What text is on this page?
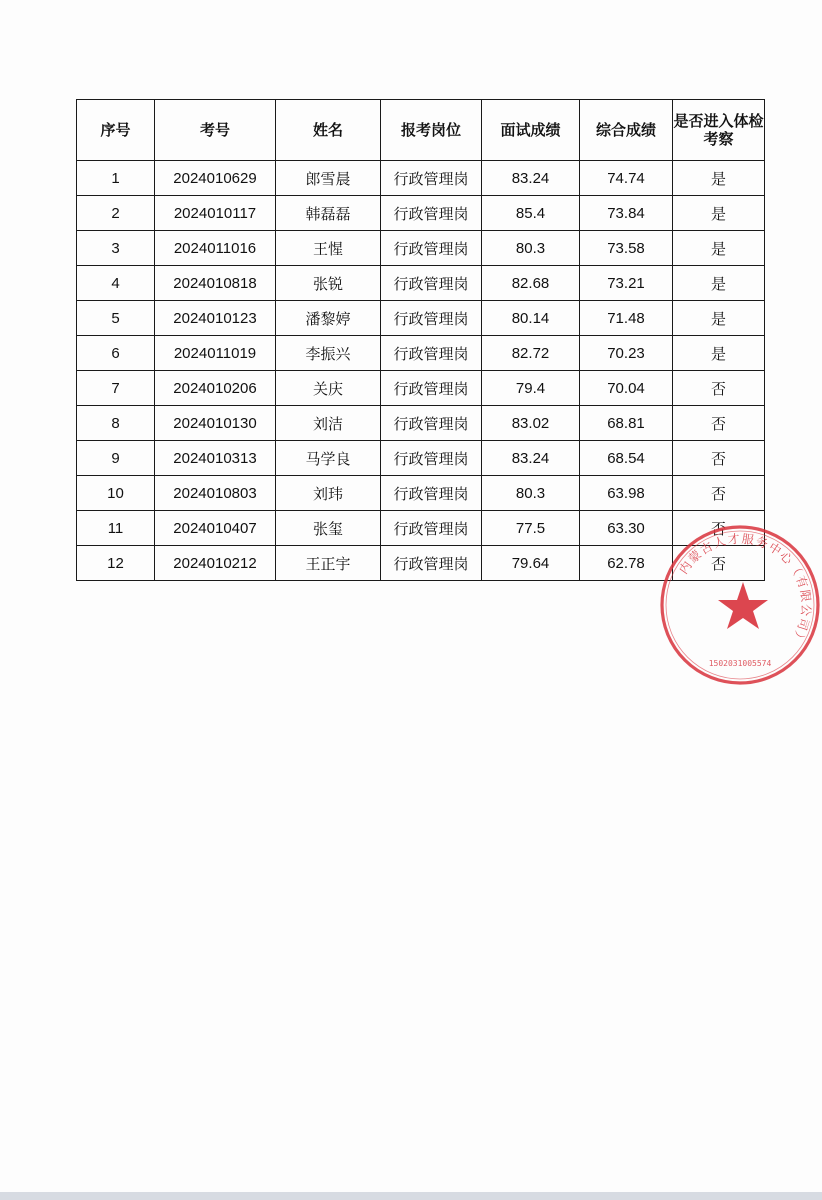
序号	考号	姓名	报考岗位	面试成绩	综合成绩	是否进入体检考察
1	2024010629	郎雪晨	行政管理岗	83.24	74.74	是
2	2024010117	韩磊磊	行政管理岗	85.4	73.84	是
3	2024011016	王惺	行政管理岗	80.3	73.58	是
4	2024010818	张锐	行政管理岗	82.68	73.21	是
5	2024010123	潘黎婷	行政管理岗	80.14	71.48	是
6	2024011019	李振兴	行政管理岗	82.72	70.23	是
7	2024010206	关庆	行政管理岗	79.4	70.04	否
8	2024010130	刘洁	行政管理岗	83.02	68.81	否
9	2024010313	马学良	行政管理岗	83.24	68.54	否
10	2024010803	刘玮	行政管理岗	80.3	63.98	否
11	2024010407	张玺	行政管理岗	77.5	63.30	否
12	2024010212	王正宇	行政管理岗	79.64	62.78	否
内蒙古人才服务中心（有限公司）
1502031005574
